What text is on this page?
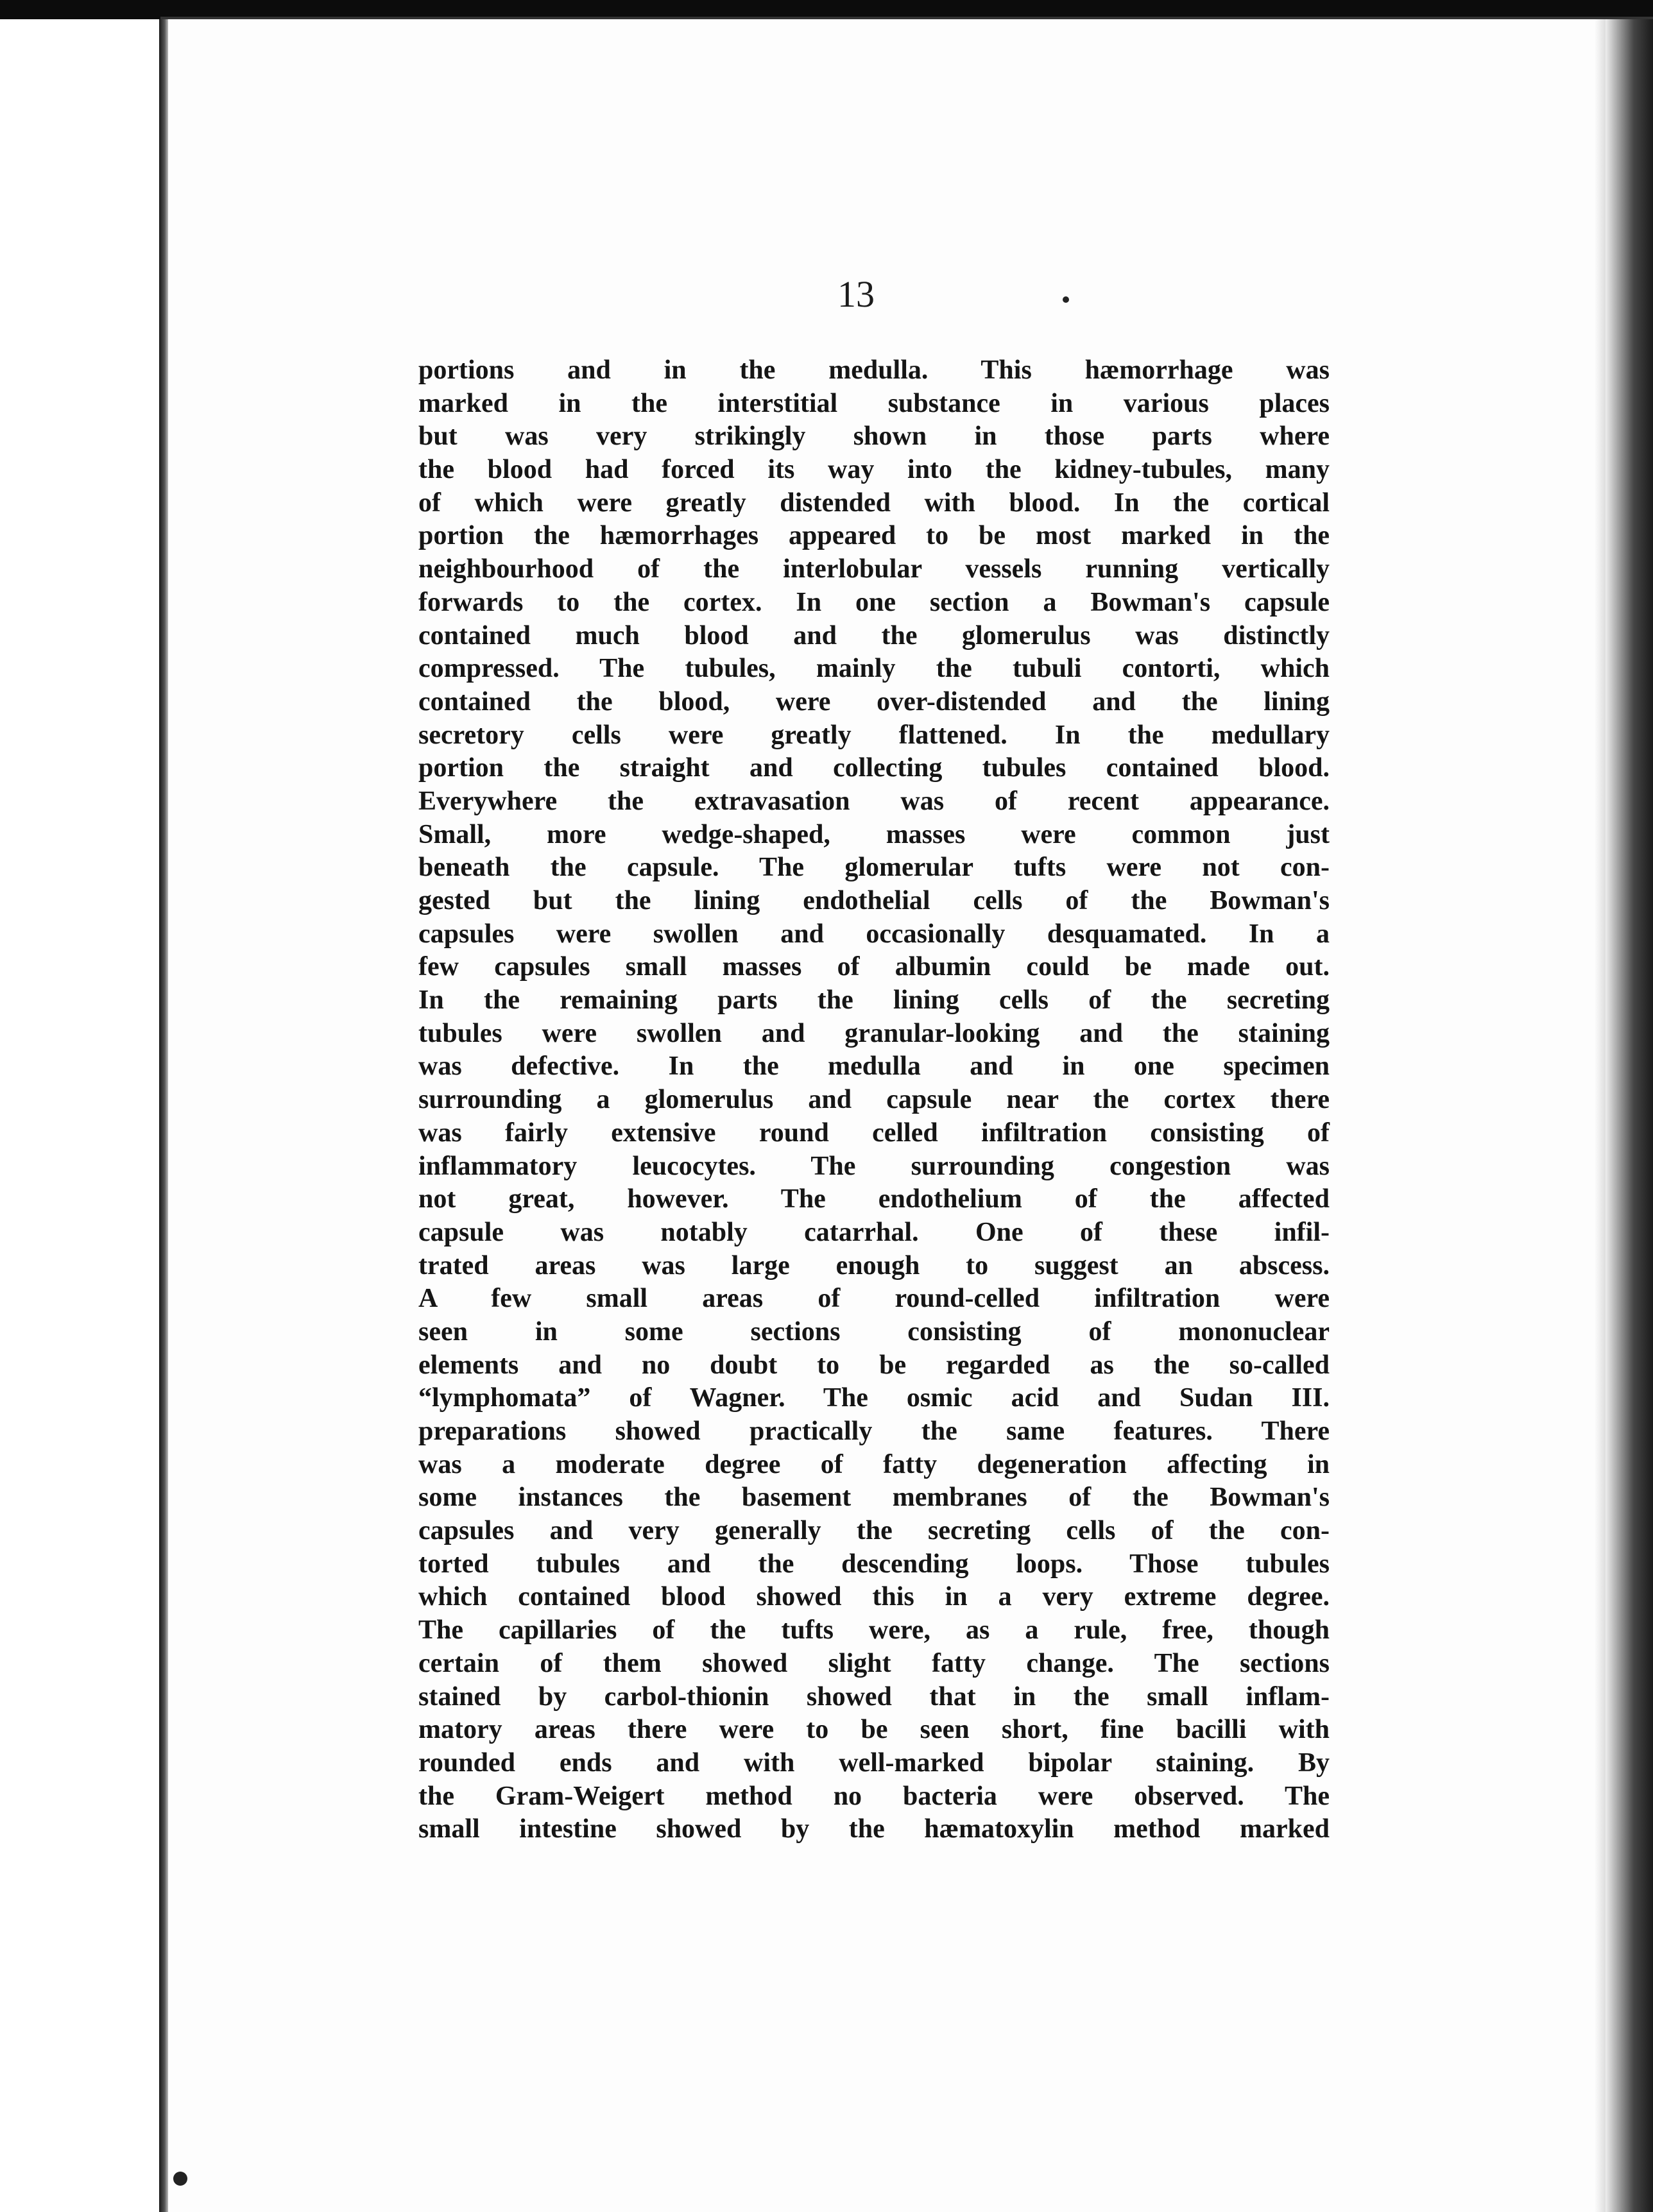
13
portions and in the medulla. This hæmorrhage was
marked in the interstitial substance in various places
but was very strikingly shown in those parts where
the blood had forced its way into the kidney-tubules, many
of which were greatly distended with blood. In the cortical
portion the hæmorrhages appeared to be most marked in the
neighbourhood of the interlobular vessels running vertically
forwards to the cortex. In one section a Bowman's capsule
contained much blood and the glomerulus was distinctly
compressed. The tubules, mainly the tubuli contorti, which
contained the blood, were over-distended and the lining
secretory cells were greatly flattened. In the medullary
portion the straight and collecting tubules contained blood.
Everywhere the extravasation was of recent appearance.
Small, more wedge-shaped, masses were common just
beneath the capsule. The glomerular tufts were not con-
gested but the lining endothelial cells of the Bowman's
capsules were swollen and occasionally desquamated. In a
few capsules small masses of albumin could be made out.
In the remaining parts the lining cells of the secreting
tubules were swollen and granular-looking and the staining
was defective. In the medulla and in one specimen
surrounding a glomerulus and capsule near the cortex there
was fairly extensive round celled infiltration consisting of
inflammatory leucocytes. The surrounding congestion was
not great, however. The endothelium of the affected
capsule was notably catarrhal. One of these infil-
trated areas was large enough to suggest an abscess.
A few small areas of round-celled infiltration were
seen in some sections consisting of mononuclear
elements and no doubt to be regarded as the so-called
“lymphomata” of Wagner. The osmic acid and Sudan III.
preparations showed practically the same features. There
was a moderate degree of fatty degeneration affecting in
some instances the basement membranes of the Bowman's
capsules and very generally the secreting cells of the con-
torted tubules and the descending loops. Those tubules
which contained blood showed this in a very extreme degree.
The capillaries of the tufts were, as a rule, free, though
certain of them showed slight fatty change. The sections
stained by carbol-thionin showed that in the small inflam-
matory areas there were to be seen short, fine bacilli with
rounded ends and with well-marked bipolar staining. By
the Gram-Weigert method no bacteria were observed. The
small intestine showed by the hæmatoxylin method marked
